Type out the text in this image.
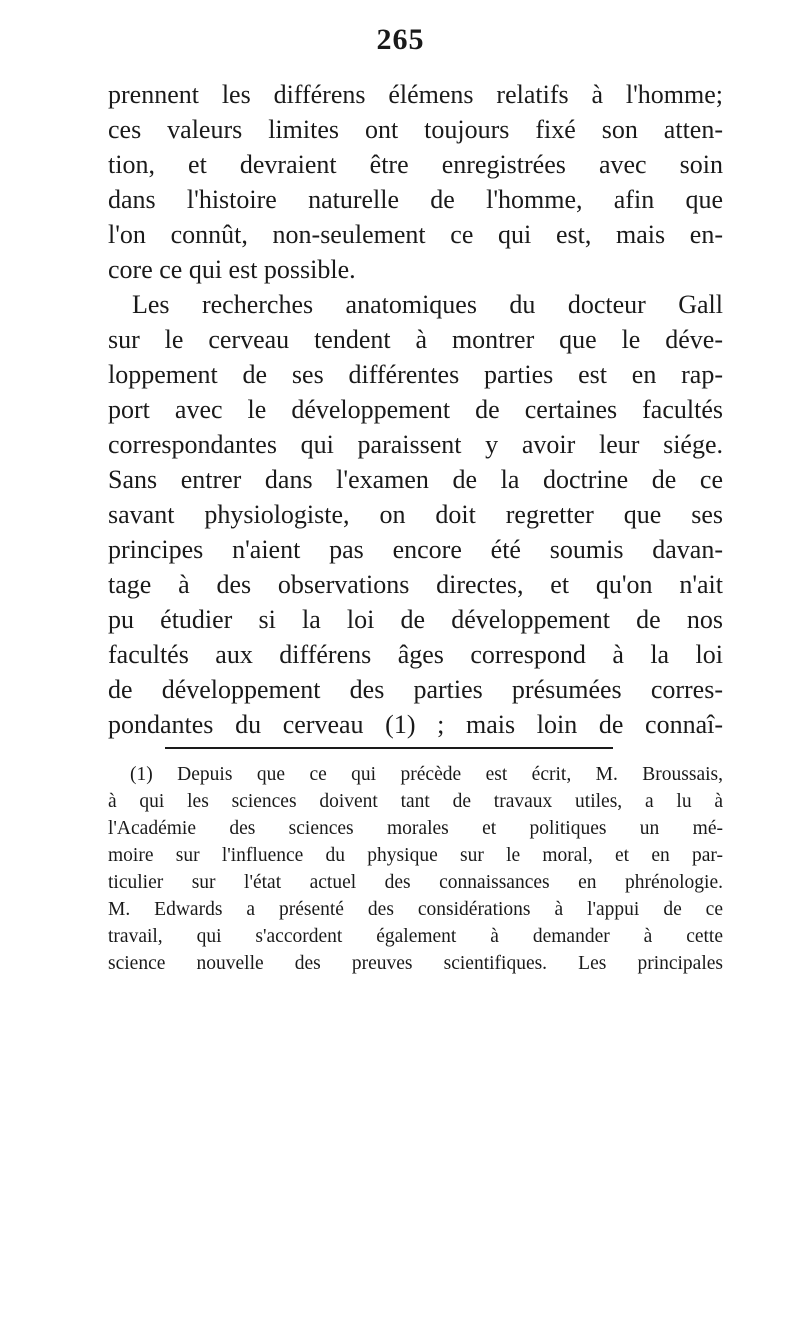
265
prennent les différens élémens relatifs à l'homme;
ces valeurs limites ont toujours fixé son atten-
tion, et devraient être enregistrées avec soin
dans l'histoire naturelle de l'homme, afin que
l'on connût, non-seulement ce qui est, mais en-
core ce qui est possible.
Les recherches anatomiques du docteur Gall
sur le cerveau tendent à montrer que le déve-
loppement de ses différentes parties est en rap-
port avec le développement de certaines facultés
correspondantes qui paraissent y avoir leur siége.
Sans entrer dans l'examen de la doctrine de ce
savant physiologiste, on doit regretter que ses
principes n'aient pas encore été soumis davan-
tage à des observations directes, et qu'on n'ait
pu étudier si la loi de développement de nos
facultés aux différens âges correspond à la loi
de développement des parties présumées corres-
pondantes du cerveau (1) ; mais loin de connaî-
(1) Depuis que ce qui précède est écrit, M. Broussais,
à qui les sciences doivent tant de travaux utiles, a lu à
l'Académie des sciences morales et politiques un mé-
moire sur l'influence du physique sur le moral, et en par-
ticulier sur l'état actuel des connaissances en phrénologie.
M. Edwards a présenté des considérations à l'appui de ce
travail, qui s'accordent également à demander à cette
science nouvelle des preuves scientifiques. Les principales
